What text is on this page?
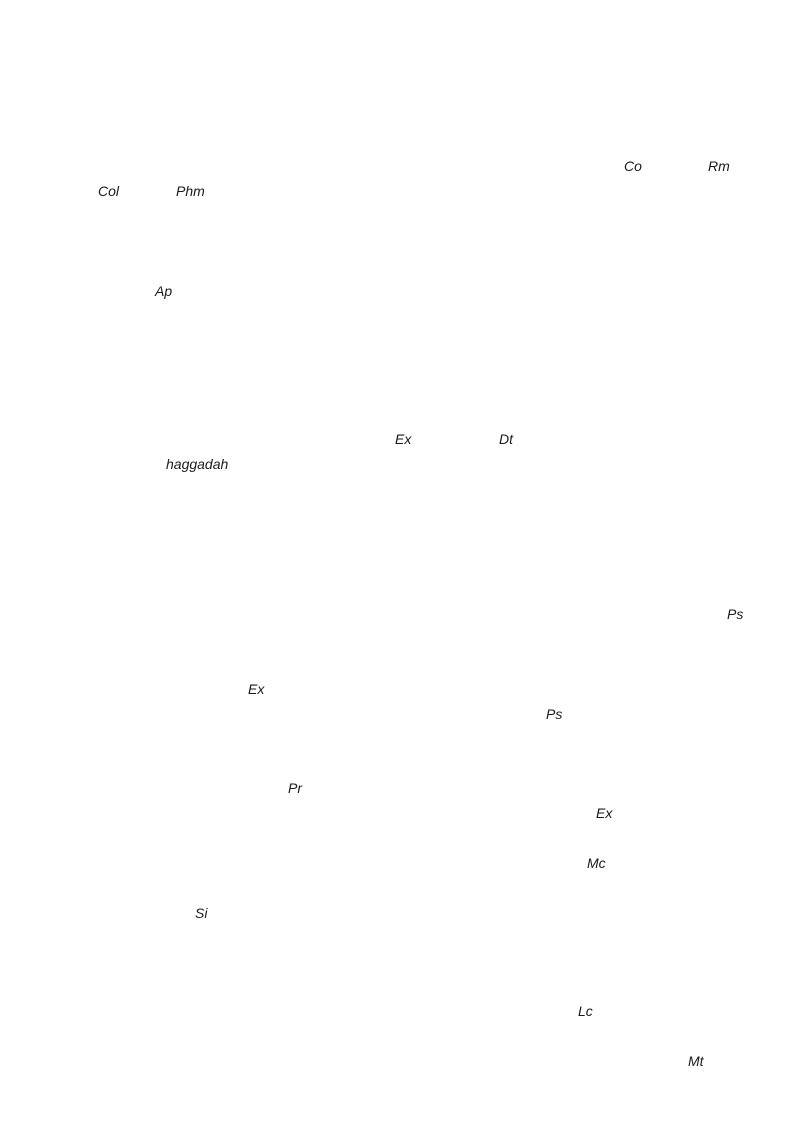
Co	Rm
Col	Phm
Ap
Ex	Dt
haggadah
Ps
Ex
Ps
Pr
Ex
Mc
Si
Lc
Mt
